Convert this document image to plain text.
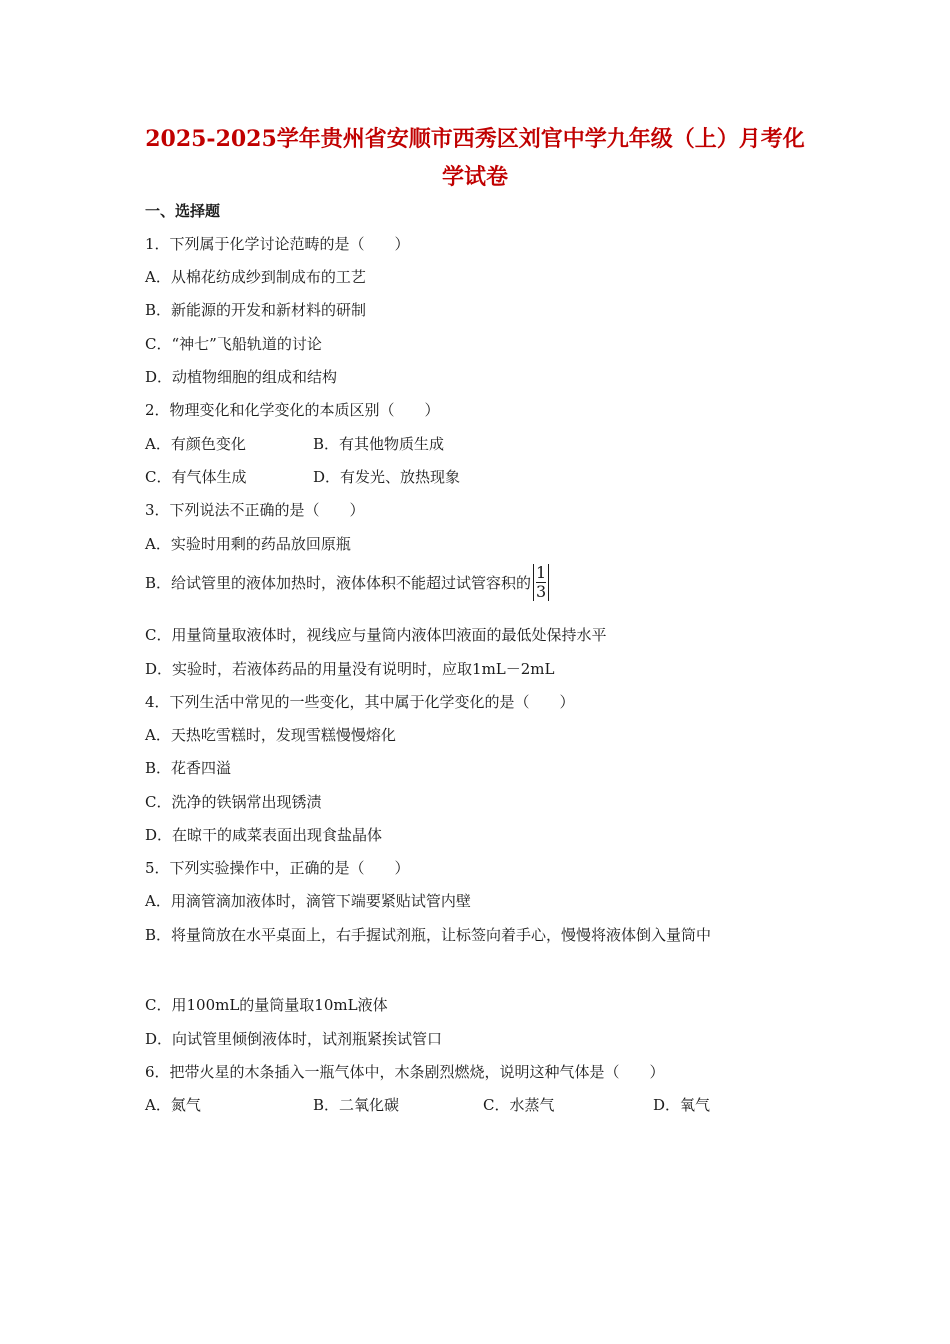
2025-2025学年贵州省安顺市西秀区刘官中学九年级（上）月考化
学试卷
一、选择题
1．下列属于化学讨论范畴的是（　　）
A．从棉花纺成纱到制成布的工艺
B．新能源的开发和新材料的研制
C．“神七”飞船轨道的讨论
D．动植物细胞的组成和结构
2．物理变化和化学变化的本质区别（　　）
A．有颜色变化	B．有其他物质生成
C．有气体生成	D．有发光、放热现象
3．下列说法不正确的是（　　）
A．实验时用剩的药品放回原瓶
B．给试管里的液体加热时，液体体积不能超过试管容积的 $\frac{1}{3}$
C．用量筒量取液体时，视线应与量筒内液体凹液面的最低处保持水平
D．实验时，若液体药品的用量没有说明时，应取1mL－2mL
4．下列生活中常见的一些变化，其中属于化学变化的是（　　）
A．天热吃雪糕时，发现雪糕慢慢熔化
B．花香四溢
C．洗净的铁锅常出现锈渍
D．在晾干的咸菜表面出现食盐晶体
5．下列实验操作中，正确的是（　　）
A．用滴管滴加液体时，滴管下端要紧贴试管内壁
B．将量筒放在水平桌面上，右手握试剂瓶，让标签向着手心，慢慢将液体倒入量筒中
C．用100mL的量筒量取10mL液体
D．向试管里倾倒液体时，试剂瓶紧挨试管口
6．把带火星的木条插入一瓶气体中，木条剧烈燃烧，说明这种气体是（　　）
A．氮气	B．二氧化碳	C．水蒸气	D．氧气
